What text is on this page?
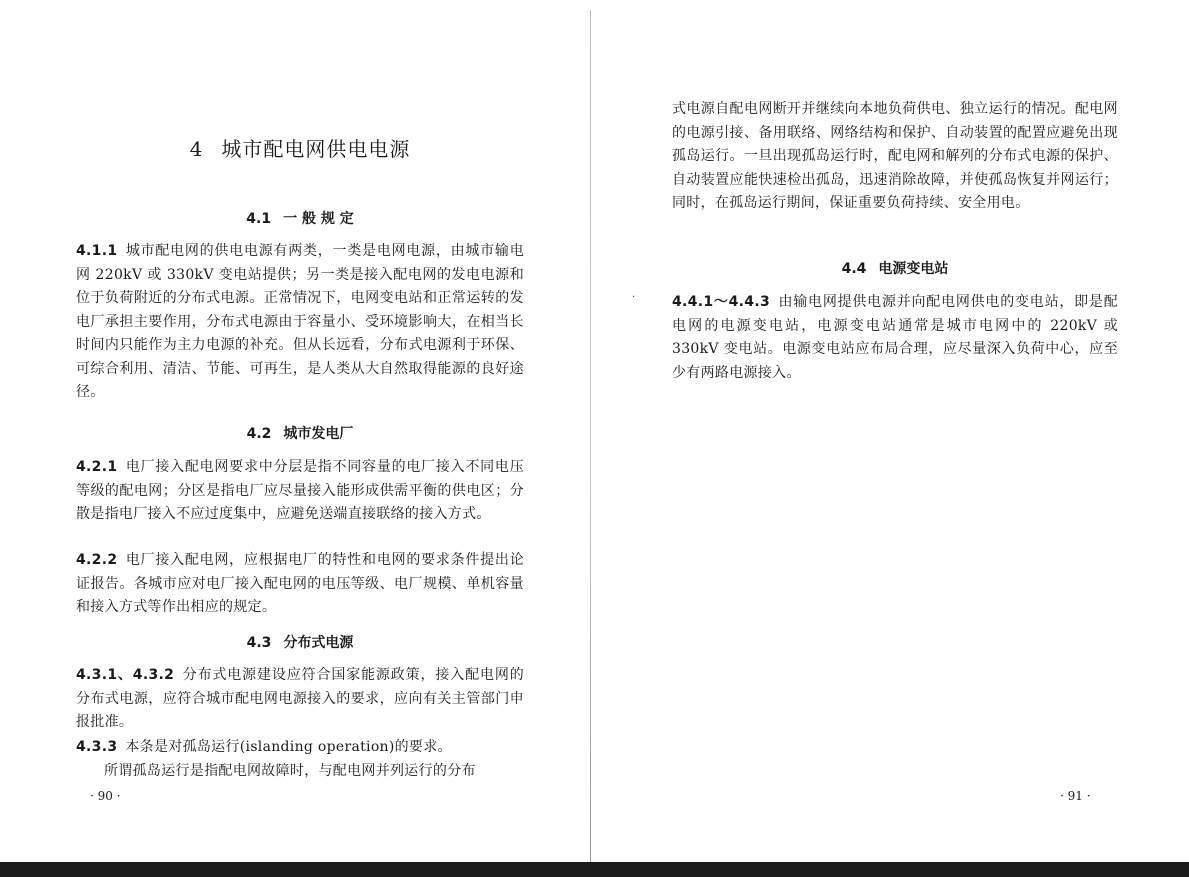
4 城市配电网供电电源
4.1 一 般 规 定
4.1.1 城市配电网的供电电源有两类，一类是电网电源，由城市输电网 220kV 或 330kV 变电站提供；另一类是接入配电网的发电电源和位于负荷附近的分布式电源。正常情况下，电网变电站和正常运转的发电厂承担主要作用，分布式电源由于容量小、受环境影响大，在相当长时间内只能作为主力电源的补充。但从长远看，分布式电源利于环保、可综合利用、清洁、节能、可再生，是人类从大自然取得能源的良好途径。
4.2 城市发电厂
4.2.1 电厂接入配电网要求中分层是指不同容量的电厂接入不同电压等级的配电网；分区是指电厂应尽量接入能形成供需平衡的供电区；分散是指电厂接入不应过度集中，应避免送端直接联络的接入方式。
4.2.2 电厂接入配电网，应根据电厂的特性和电网的要求条件提出论证报告。各城市应对电厂接入配电网的电压等级、电厂规模、单机容量和接入方式等作出相应的规定。
4.3 分布式电源
4.3.1、4.3.2 分布式电源建设应符合国家能源政策，接入配电网的分布式电源，应符合城市配电网电源接入的要求，应向有关主管部门申报批准。
4.3.3 本条是对孤岛运行(islanding operation)的要求。
所谓孤岛运行是指配电网故障时，与配电网并列运行的分布
· 90 ·
式电源自配电网断开并继续向本地负荷供电、独立运行的情况。配电网的电源引接、备用联络、网络结构和保护、自动装置的配置应避免出现孤岛运行。一旦出现孤岛运行时，配电网和解列的分布式电源的保护、自动装置应能快速检出孤岛，迅速消除故障，并使孤岛恢复并网运行；同时，在孤岛运行期间，保证重要负荷持续、安全用电。
4.4 电源变电站
4.4.1～4.4.3 由输电网提供电源并向配电网供电的变电站，即是配电网的电源变电站，电源变电站通常是城市电网中的 220kV 或 330kV 变电站。电源变电站应布局合理，应尽量深入负荷中心，应至少有两路电源接入。
· 91 ·
·
